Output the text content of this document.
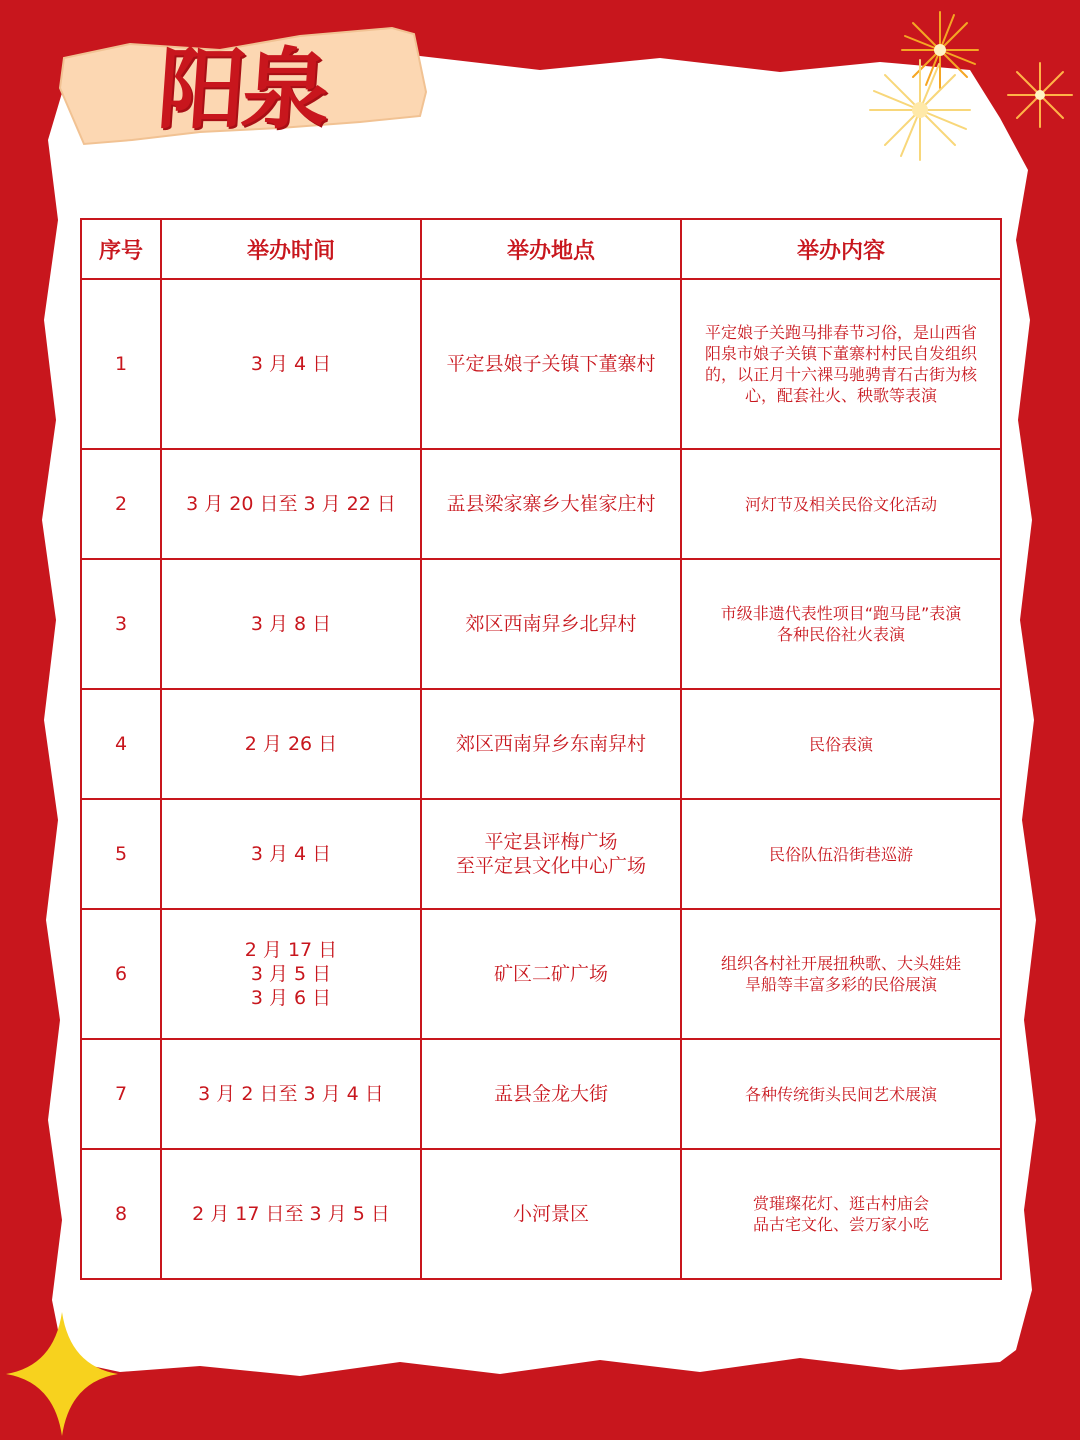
阳泉
序号	举办时间	举办地点	举办内容

1	3 月 4 日	平定县娘子关镇下董寨村	平定娘子关跑马排春节习俗，是山西省阳泉市娘子关镇下董寨村村民自发组织的，以正月十六裸马驰骋青石古街为核心，配套社火、秧歌等表演

2	3 月 20 日至 3 月 22 日	盂县梁家寨乡大崔家庄村	河灯节及相关民俗文化活动

3	3 月 8 日	郊区西南舁乡北舁村	市级非遗代表性项目“跑马昆”表演
各种民俗社火表演

4	2 月 26 日	郊区西南舁乡东南舁村	民俗表演

5	3 月 4 日	平定县评梅广场
至平定县文化中心广场	民俗队伍沿街巷巡游

6	2 月 17 日
3 月 5 日
3 月 6 日	矿区二矿广场	组织各村社开展扭秧歌、大头娃娃
旱船等丰富多彩的民俗展演

7	3 月 2 日至 3 月 4 日	盂县金龙大街	各种传统街头民间艺术展演

8	2 月 17 日至 3 月 5 日	小河景区	赏璀璨花灯、逛古村庙会
品古宅文化、尝万家小吃
